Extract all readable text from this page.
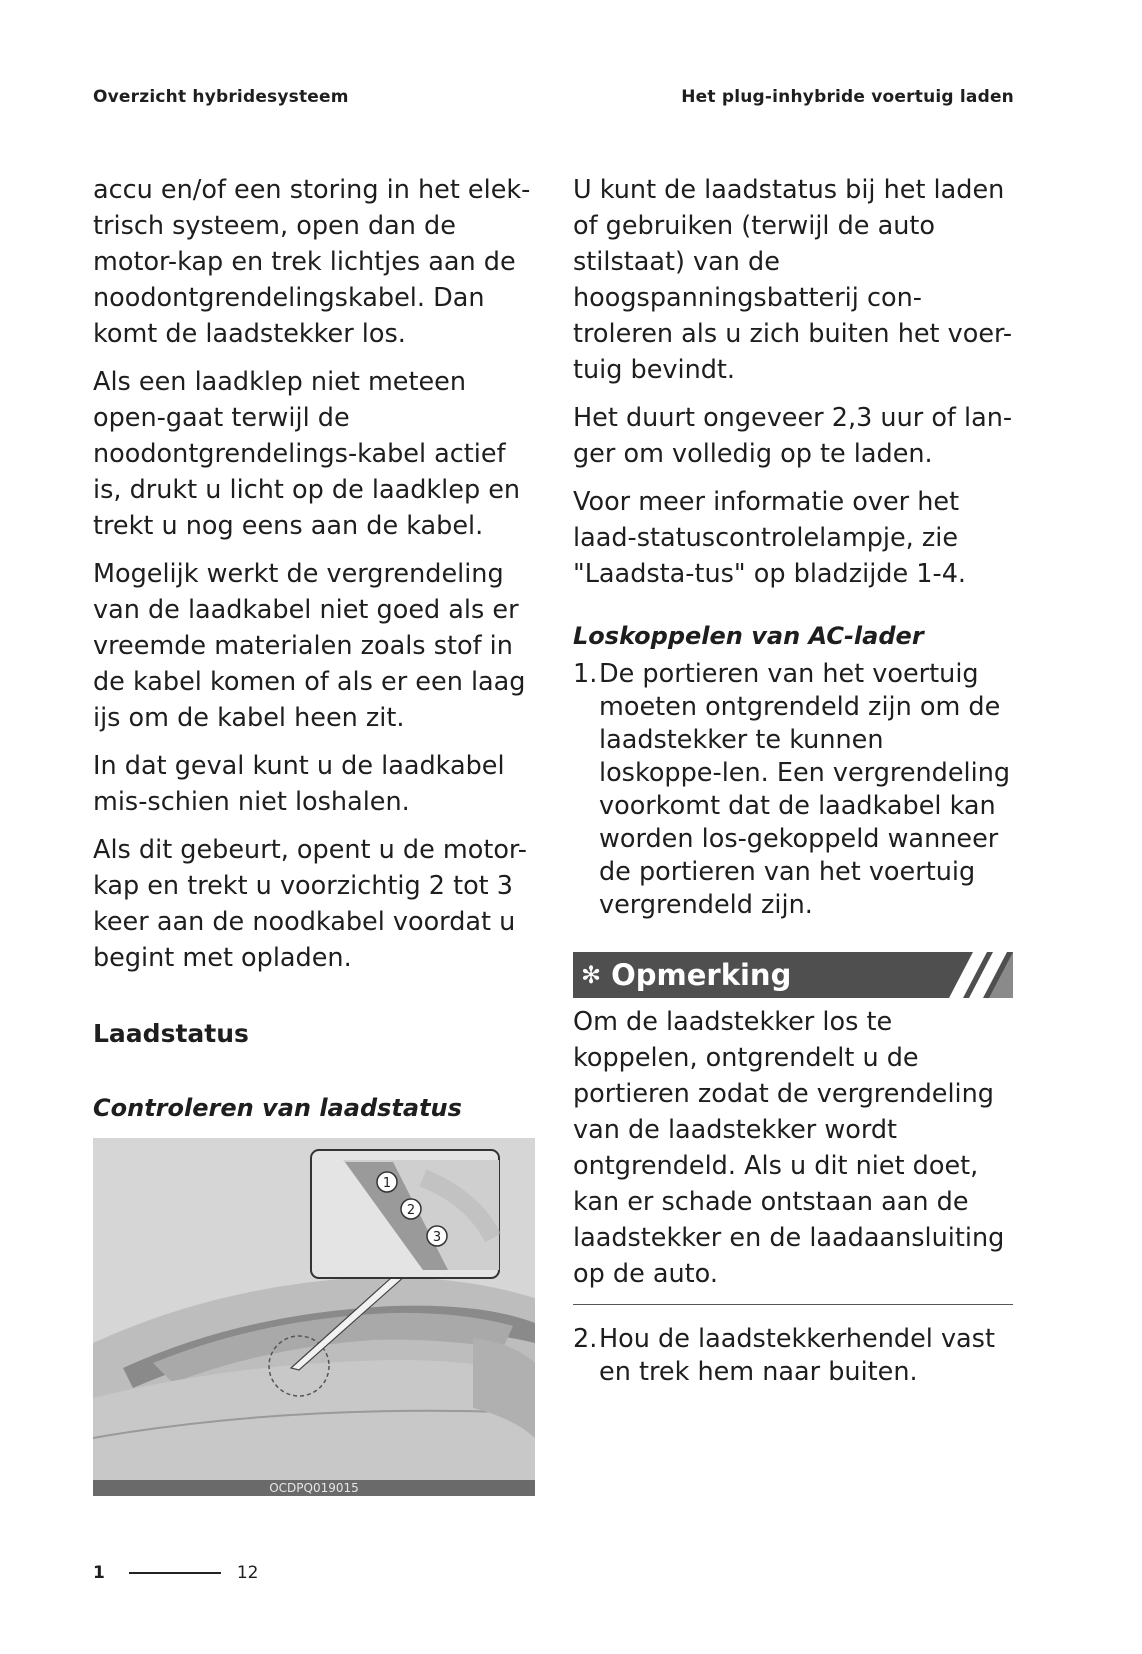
Overzicht hybridesysteem	Het plug-inhybride voertuig laden

accu en/of een storing in het elek-trisch systeem, open dan de motor-kap en trek lichtjes aan de noodontgrendelingskabel. Dan komt de laadstekker los.

Als een laadklep niet meteen open-gaat terwijl de noodontgrendelings-kabel actief is, drukt u licht op de laadklep en trekt u nog eens aan de kabel.

Mogelijk werkt de vergrendeling van de laadkabel niet goed als er vreemde materialen zoals stof in de kabel komen of als er een laag ijs om de kabel heen zit.

In dat geval kunt u de laadkabel mis-schien niet loshalen.

Als dit gebeurt, opent u de motor-kap en trekt u voorzichtig 2 tot 3 keer aan de noodkabel voordat u begint met opladen.

Laadstatus
Controleren van laadstatus
1
2
3
OCDPQ019015

U kunt de laadstatus bij het laden of gebruiken (terwijl de auto stilstaat) van de hoogspanningsbatterij con-troleren als u zich buiten het voer-tuig bevindt.

Het duurt ongeveer 2,3 uur of lan-ger om volledig op te laden.

Voor meer informatie over het laad-statuscontrolelampje, zie "Laadsta-tus" op bladzijde 1-4.

Loskoppelen van AC-lader
1. De portieren van het voertuig moeten ontgrendeld zijn om de laadstekker te kunnen loskoppe-len. Een vergrendeling voorkomt dat de laadkabel kan worden los-gekoppeld wanneer de portieren van het voertuig vergrendeld zijn.
✻ Opmerking

Om de laadstekker los te koppelen, ontgrendelt u de portieren zodat de vergrendeling van de laadstekker wordt ontgrendeld. Als u dit niet doet, kan er schade ontstaan aan de laadstekker en de laadaansluiting op de auto.

2. Hou de laadstekkerhendel vast en trek hem naar buiten.
1	12
